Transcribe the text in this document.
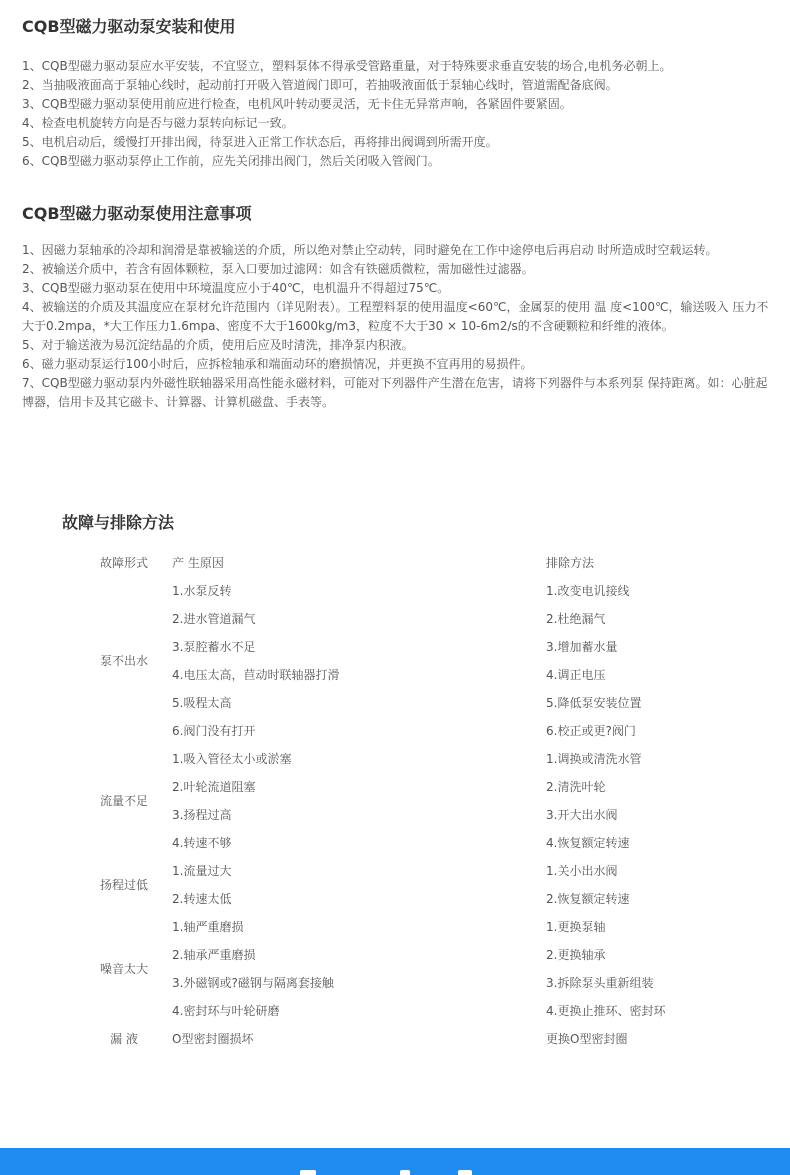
CQB型磁力驱动泵安装和使用
1、CQB型磁力驱动泵应水平安装，不宜竖立，塑料泵体不得承受管路重量，对于特殊要求垂直安装的场合,电机务必朝上。
2、当抽吸液面高于泵轴心线时，起动前打开吸入管道阀门即可，若抽吸液面低于泵轴心线时，管道需配备底阀。
3、CQB型磁力驱动泵使用前应进行检查，电机风叶转动要灵活，无卡住无异常声响，各紧固件要紧固。
4、检查电机旋转方向是否与磁力泵转向标记一致。
5、电机启动后，缓慢打开排出阀，待泵进入正常工作状态后，再将排出阀调到所需开度。
6、CQB型磁力驱动泵停止工作前，应先关闭排出阀门，然后关闭吸入管阀门。
CQB型磁力驱动泵使用注意事项
1、因磁力泵轴承的冷却和润滑是靠被输送的介质，所以绝对禁止空动转，同时避免在工作中途停电后再启动 时所造成时空载运转。
2、被输送介质中，若含有固体颗粒，泵入口要加过滤网：如含有铁磁质微粒，需加磁性过滤器。
3、CQB型磁力驱动泵在使用中环境温度应小于40℃，电机温升不得超过75℃。
4、被输送的介质及其温度应在泵材允许范围内（详见附表）。工程塑料泵的使用温度<60℃，金属泵的使用 温 度<100℃，输送吸入 压力不大于0.2mpa，*大工作压力1.6mpa、密度不大于1600kg/m3，粒度不大于30 × 10-6m2/s的不含硬颗粒和纤维的液体。
5、对于输送液为易沉淀结晶的介质，使用后应及时清洗，排净泵内积液。
6、磁力驱动泵运行100小时后，应拆检轴承和端面动环的磨损情况，并更换不宜再用的易损件。
7、CQB型磁力驱动泵内外磁性联轴器采用高性能永磁材料，可能对下列器件产生潜在危害，请将下列器件与本系列泵 保持距离。如：心脏起博器，信用卡及其它磁卡、计算器、计算机磁盘、手表等。
故障与排除方法
故障形式	产 生原因	排除方法
泵不出水	1.水泵反转	1.改变电讥接线
	2.进水管道漏气	2.杜绝漏气
	3.泵腔蓄水不足	3.增加蓄水量
	4.电压太高，苣动时联轴器打滑	4.调正电压
	5.吸程太高	5.降低泵安装位置
	6.阀门没有打开	6.校正或更?阀门
流量不足	1.吸入管径太小或淤塞	1.调换或清洗水管
	2.叶轮流道阻塞	2.清洗叶轮
	3.扬程过高	3.开大出水阀
	4.转速不够	4.恢复额定转速
扬程过低	1.流量过大	1.关小出水阀
	2.转速太低	2.恢复额定转速
噪音太大	1.轴严重磨损	1.更换泵轴
	2.轴承严重磨损	2.更换轴承
	3.外磁钢或?磁钢与隔离套接触	3.拆除泵头重新组装
	4.密封环与叶轮研磨	4.更换止推环、密封环
漏 液	O型密封圈损坏	更换O型密封圈
